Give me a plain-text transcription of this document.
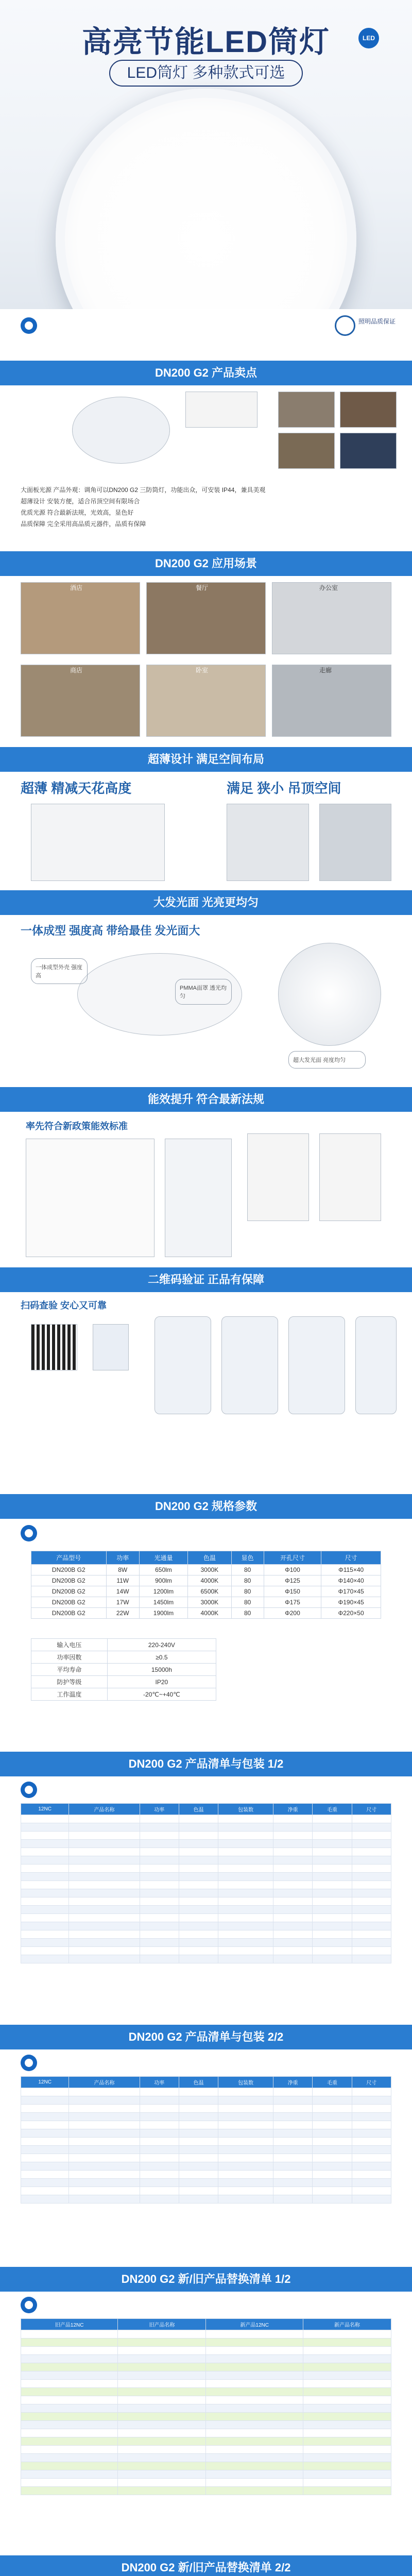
高亮节能LED筒灯
LED筒灯 多种款式可选
LED
照明品质保证
DN200 G2 产品卖点
大面板光源 产品外观：调角可以DN200 G2 三防筒灯，功能出众，可安装 IP44，兼具美观
超薄设计 安装方便，适合吊顶空间有限场合
优质光源 符合最新法规，光效高，显色好
品质保障 完全采用高品质元器件，品质有保障
DN200 G2 应用场景
酒店	餐厅	办公室
商店	卧室	走廊
超薄设计 满足空间布局
超薄 精减天花高度	满足 狭小 吊顶空间
大发光面 光亮更均匀
一体成型 强度高 带给最佳 发光面大
一体成型外壳 强度高
PMMA面罩 透光均匀
超大发光面 亮度均匀
能效提升 符合最新法规
率先符合新政策能效标准
二维码验证 正品有保障
扫码查验 安心又可靠
DN200 G2 规格参数
产品型号	功率	光通量	色温	显色	开孔尺寸	尺寸
DN200B G2	8W	650lm	3000K	80	Φ100	Φ115×40
DN200B G2	11W	900lm	4000K	80	Φ125	Φ140×40
DN200B G2	14W	1200lm	6500K	80	Φ150	Φ170×45
DN200B G2	17W	1450lm	3000K	80	Φ175	Φ190×45
DN200B G2	22W	1900lm	4000K	80	Φ200	Φ220×50
输入电压	220-240V
功率因数	≥0.5
平均寿命	15000h
防护等级	IP20
工作温度	-20℃~+40℃
DN200 G2 产品清单与包装 1/2
12NC	产品名称	功率	色温	包装数	净重	毛重	尺寸

DN200 G2 产品清单与包装 2/2
12NC	产品名称	功率	色温	包装数	净重	毛重	尺寸

DN200 G2 新/旧产品替换清单 1/2
旧产品12NC	旧产品名称	新产品12NC	新产品名称

DN200 G2 新/旧产品替换清单 2/2
